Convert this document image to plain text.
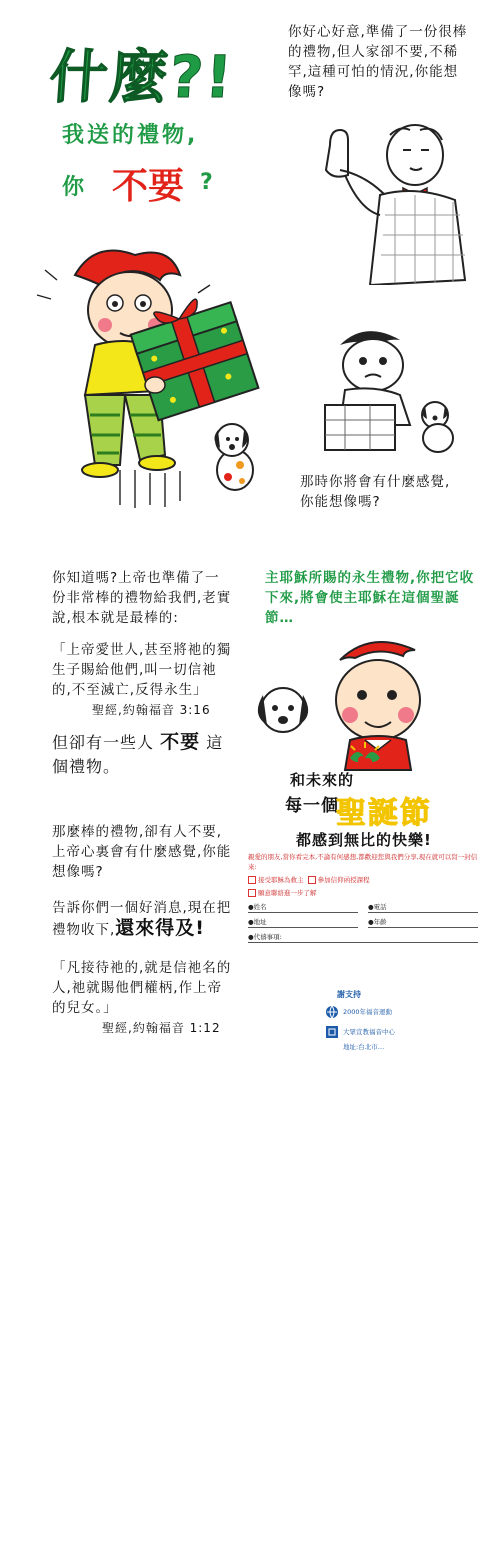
什麼?!
我送的禮物,
你 不要 ?
你好心好意,準備了一份很棒的禮物,但人家卻不要,不稀罕,這種可怕的情況,你能想像嗎?
那時你將會有什麼感覺,
你能想像嗎?
你知道嗎?上帝也準備了一份非常棒的禮物給我們,老實說,根本就是最棒的:
「上帝愛世人,甚至將祂的獨生子賜給他們,叫一切信祂的,不至滅亡,反得永生」
聖經,約翰福音 3:16
但卻有一些人 不要 這個禮物。
那麼棒的禮物,卻有人不要,上帝心裏會有什麼感覺,你能想像嗎?
告訴你們一個好消息,現在把禮物收下,還來得及!
「凡接待祂的,就是信祂名的人,祂就賜他們權柄,作上帝的兒女。」
聖經,約翰福音 1:12
主耶穌所賜的永生禮物,你把它收下來,將會使主耶穌在這個聖誕節…
和未來的
每一個
聖誕節
都感到無比的快樂!
親愛的朋友,當你看完本,不論有何感想,都歡迎您與我們分享,現在就可以寫一封信來:
接受耶穌為救主 參加信仰函授課程
願意聯絡進一步了解
●姓名	●電話
●地址	●年齡
●代禱事項:
謝支持
2000年福音運動
大眾宣教福音中心
地址:台北市…
